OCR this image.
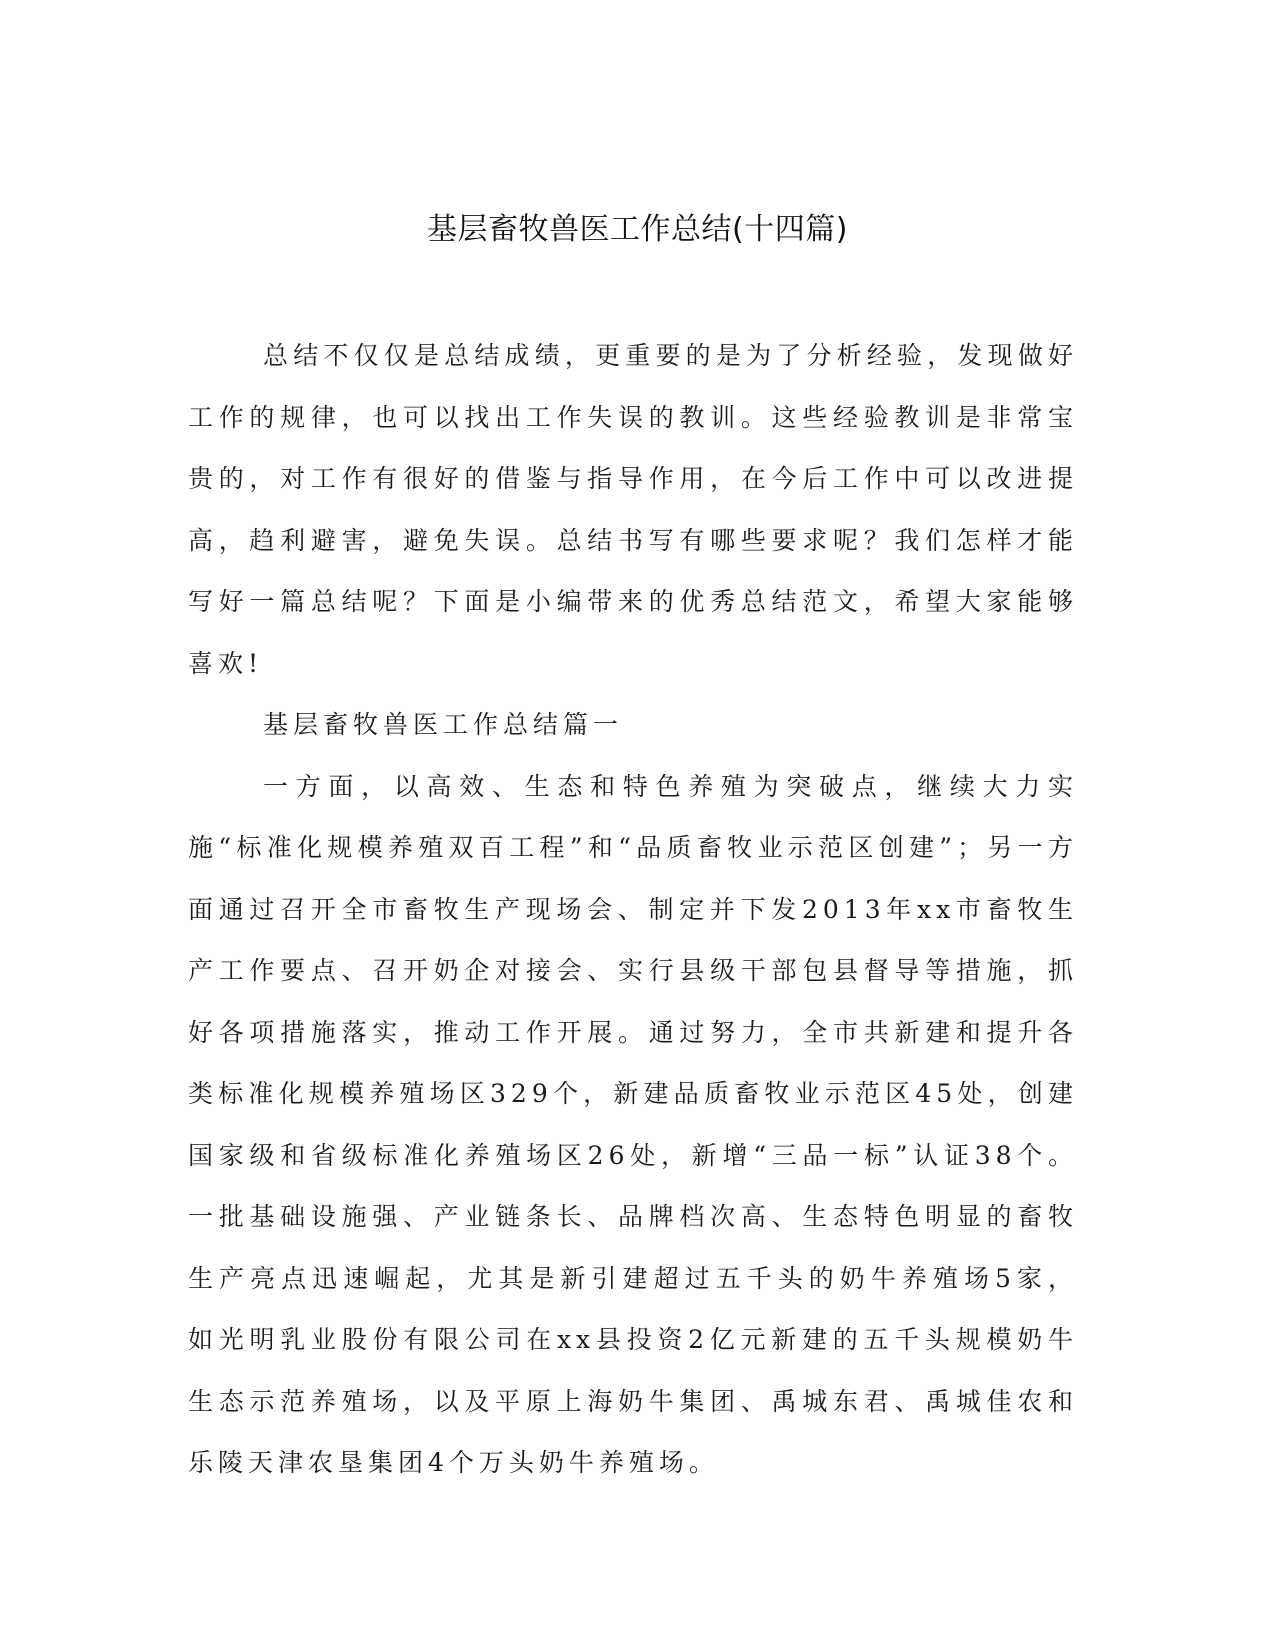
基层畜牧兽医工作总结(十四篇)

总结不仅仅是总结成绩，更重要的是为了分析经验，发现做好工作的规律，也可以找出工作失误的教训。这些经验教训是非常宝贵的，对工作有很好的借鉴与指导作用，在今后工作中可以改进提高，趋利避害，避免失误。总结书写有哪些要求呢？我们怎样才能写好一篇总结呢？下面是小编带来的优秀总结范文，希望大家能够喜欢!

基层畜牧兽医工作总结篇一

一方面，以高效、生态和特色养殖为突破点，继续大力实施“标准化规模养殖双百工程”和“品质畜牧业示范区创建”；另一方面通过召开全市畜牧生产现场会、制定并下发2013年xx市畜牧生产工作要点、召开奶企对接会、实行县级干部包县督导等措施，抓好各项措施落实，推动工作开展。通过努力，全市共新建和提升各类标准化规模养殖场区329个，新建品质畜牧业示范区45处，创建国家级和省级标准化养殖场区26处，新增“三品一标”认证38个。一批基础设施强、产业链条长、品牌档次高、生态特色明显的畜牧生产亮点迅速崛起，尤其是新引建超过五千头的奶牛养殖场5家，如光明乳业股份有限公司在xx县投资2亿元新建的五千头规模奶牛生态示范养殖场，以及平原上海奶牛集团、禹城东君、禹城佳农和乐陵天津农垦集团4个万头奶牛养殖场。
